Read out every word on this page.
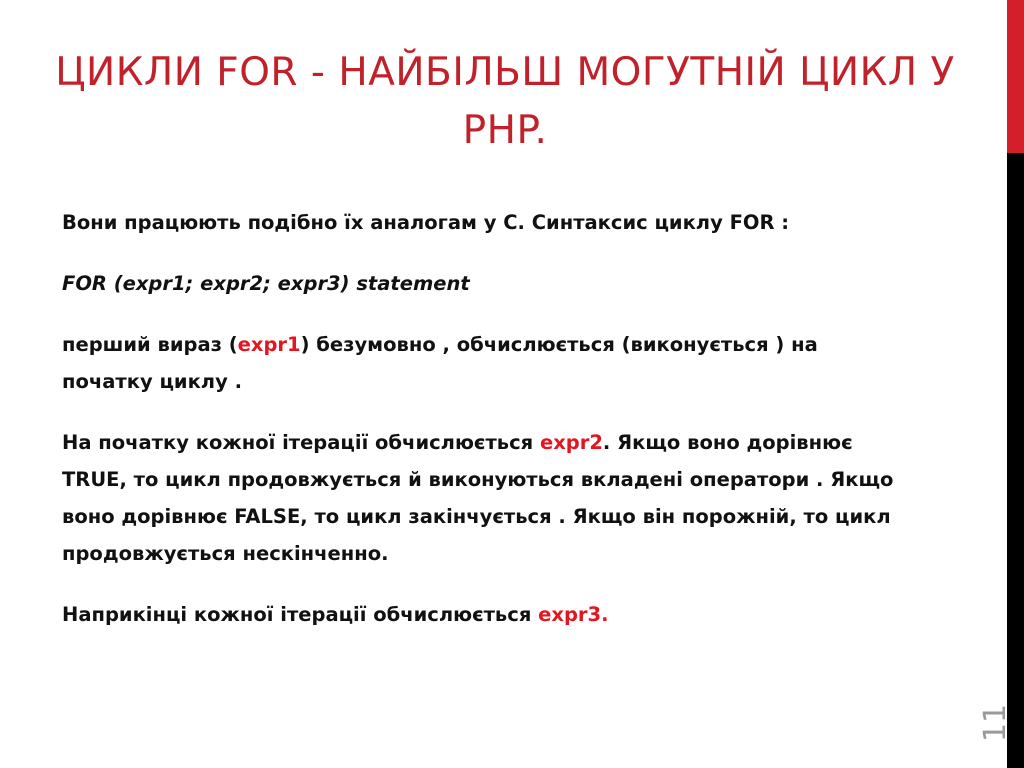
ЦИКЛИ FOR - НАЙБІЛЬШ МОГУТНІЙ ЦИКЛ У PHP.

Вони працюють подібно їх аналогам у C. Синтаксис циклу FOR :

FOR (expr1; expr2; expr3) statement

перший вираз (expr1) безумовно , обчислюється (виконується ) на початку циклу .

На початку кожної ітерації обчислюється expr2. Якщо воно дорівнює TRUE, то цикл продовжується й виконуються вкладені оператори . Якщо воно дорівнює FALSE, то цикл закінчується . Якщо він порожній, то цикл продовжується нескінченно.

Наприкінці кожної ітерації обчислюється expr3.

11
